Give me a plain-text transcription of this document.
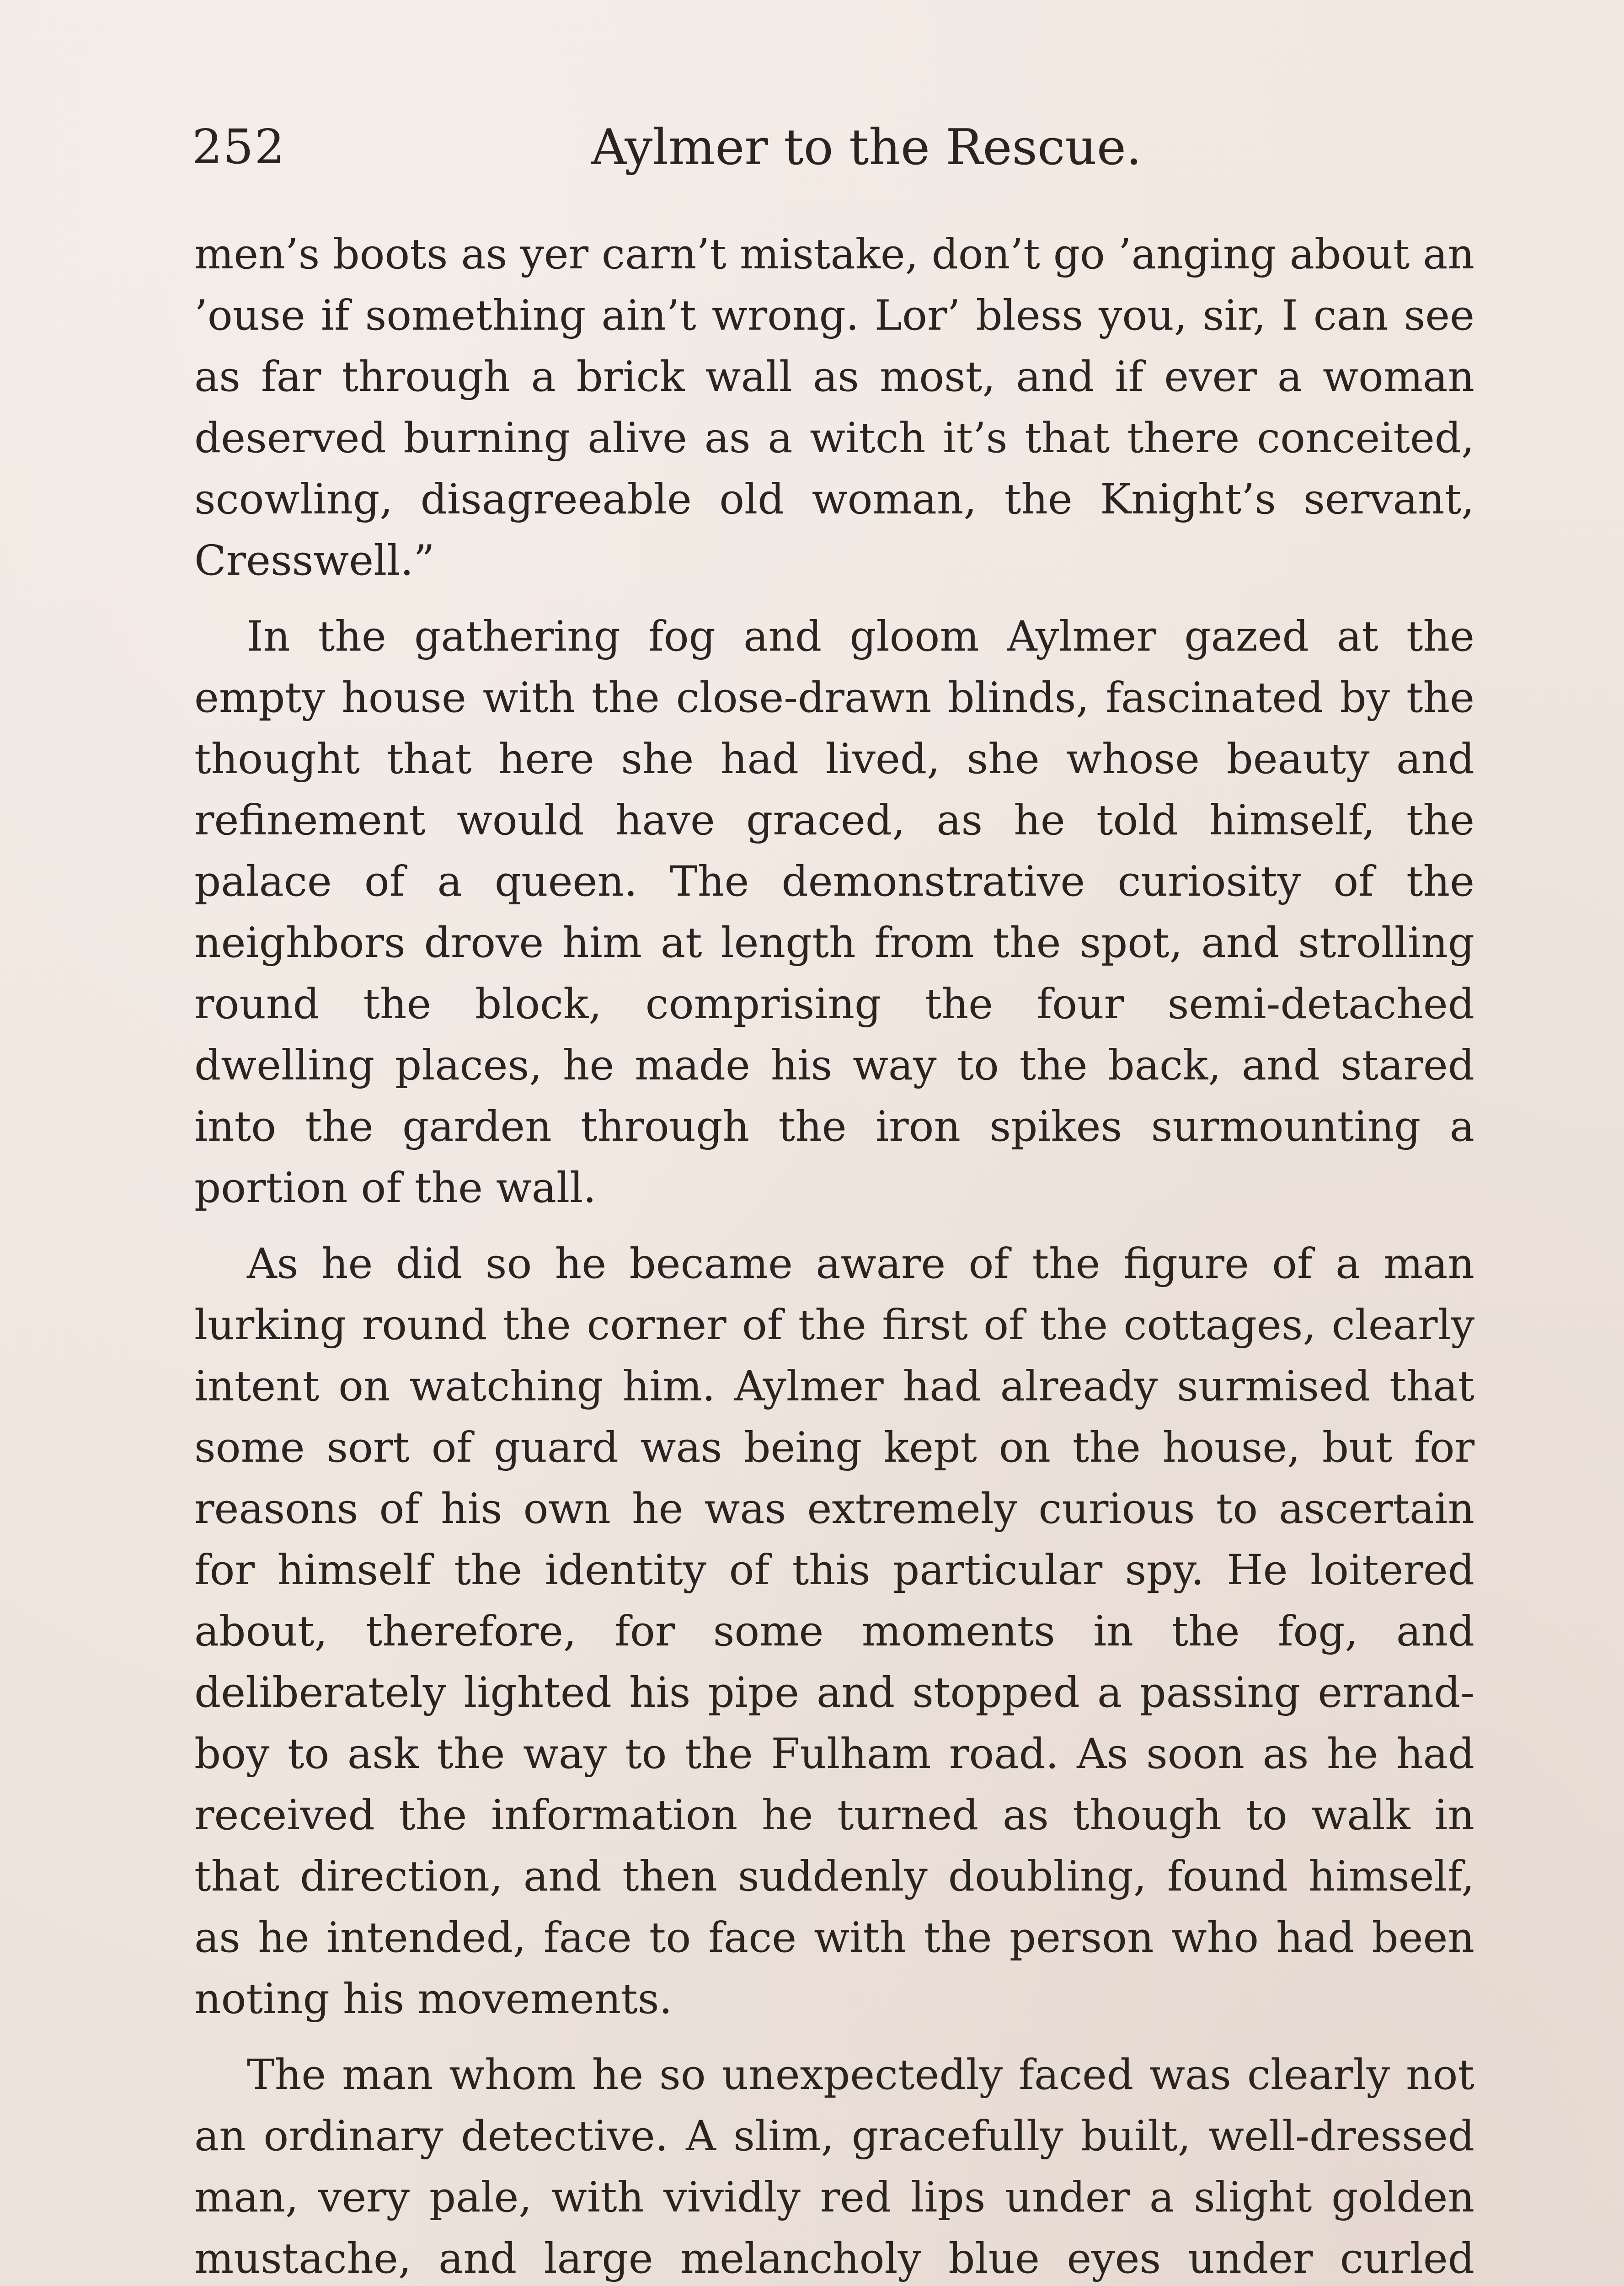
252	Aylmer to the Rescue.

men’s boots as yer carn’t mistake, don’t go ’anging about an ’ouse if something ain’t wrong. Lor’ bless you, sir, I can see as far through a brick wall as most, and if ever a woman deserved burning alive as a witch it’s that there conceited, scowling, disagreeable old woman, the Knight’s servant, Cresswell.”

In the gathering fog and gloom Aylmer gazed at the empty house with the close-drawn blinds, fascinated by the thought that here she had lived, she whose beauty and refinement would have graced, as he told himself, the palace of a queen. The demonstrative curiosity of the neighbors drove him at length from the spot, and strolling round the block, comprising the four semi-detached dwelling places, he made his way to the back, and stared into the garden through the iron spikes surmounting a portion of the wall.

As he did so he became aware of the figure of a man lurking round the corner of the first of the cottages, clearly intent on watching him. Aylmer had already surmised that some sort of guard was being kept on the house, but for reasons of his own he was extremely curious to ascertain for himself the identity of this particular spy. He loitered about, therefore, for some moments in the fog, and deliberately lighted his pipe and stopped a passing errand-boy to ask the way to the Fulham road. As soon as he had received the information he turned as though to walk in that direction, and then suddenly doubling, found himself, as he intended, face to face with the person who had been noting his movements.

The man whom he so unexpectedly faced was clearly not an ordinary detective. A slim, gracefully built, well-dressed man, very pale, with vividly red lips under a slight golden mustache, and large melancholy blue eyes under curled
